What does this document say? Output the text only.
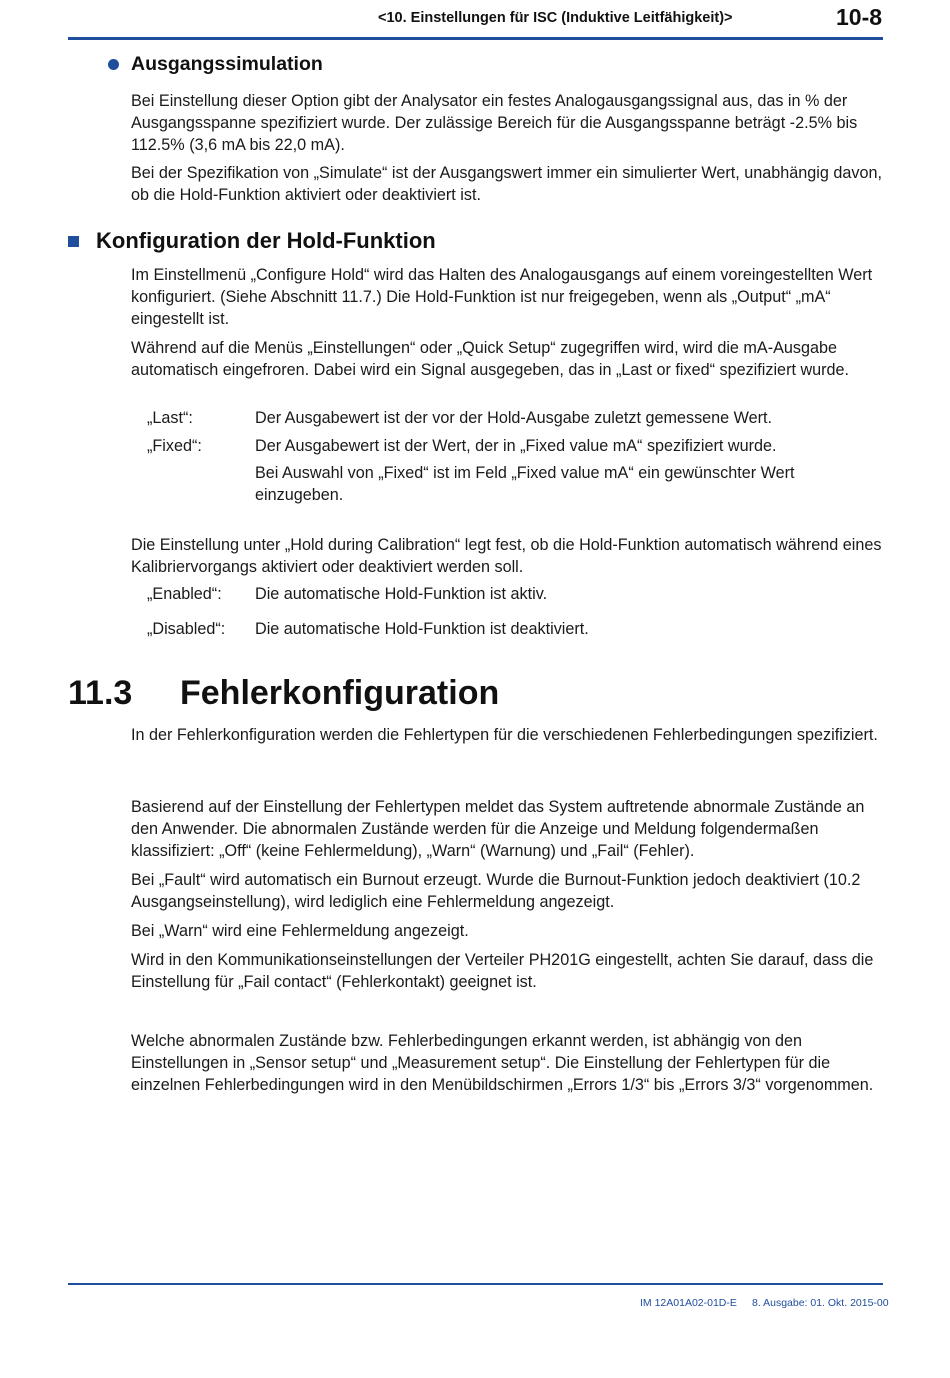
<10. Einstellungen für ISC (Induktive Leitfähigkeit)>	10-8
Ausgangssimulation

Bei Einstellung dieser Option gibt der Analysator ein festes Analogausgangssignal aus, das in % der Ausgangsspanne spezifiziert wurde. Der zulässige Bereich für die Ausgangsspanne beträgt -2.5% bis 112.5% (3,6 mA bis 22,0 mA).

Bei der Spezifikation von „Simulate“ ist der Ausgangswert immer ein simulierter Wert, unabhängig davon, ob die Hold-Funktion aktiviert oder deaktiviert ist.

Konfiguration der Hold-Funktion

Im Einstellmenü „Configure Hold“ wird das Halten des Analogausgangs auf einem voreingestellten Wert konfiguriert. (Siehe Abschnitt 11.7.) Die Hold-Funktion ist nur freigegeben, wenn als „Output“ „mA“ eingestellt ist.

Während auf die Menüs „Einstellungen“ oder „Quick Setup“ zugegriffen wird, wird die mA-Ausgabe automatisch eingefroren. Dabei wird ein Signal ausgegeben, das in „Last or fixed“ spezifiziert wurde.

„Last“:	Der Ausgabewert ist der vor der Hold-Ausgabe zuletzt gemessene Wert.
„Fixed“:	Der Ausgabewert ist der Wert, der in „Fixed value mA“ spezifiziert wurde.
Bei Auswahl von „Fixed“ ist im Feld „Fixed value mA“ ein gewünschter Wert einzugeben.

Die Einstellung unter „Hold during Calibration“ legt fest, ob die Hold-Funktion automatisch während eines Kalibriervorgangs aktiviert oder deaktiviert werden soll.

„Enabled“: Die automatische Hold-Funktion ist aktiv.
„Disabled“: Die automatische Hold-Funktion ist deaktiviert.
11.3	Fehlerkonfiguration

In der Fehlerkonfiguration werden die Fehlertypen für die verschiedenen Fehlerbedingungen spezifiziert.

Basierend auf der Einstellung der Fehlertypen meldet das System auftretende abnormale Zustände an den Anwender. Die abnormalen Zustände werden für die Anzeige und Meldung folgendermaßen klassifiziert: „Off“ (keine Fehlermeldung), „Warn“ (Warnung) und „Fail“ (Fehler).

Bei „Fault“ wird automatisch ein Burnout erzeugt. Wurde die Burnout-Funktion jedoch deaktiviert (10.2 Ausgangseinstellung), wird lediglich eine Fehlermeldung angezeigt.

Bei „Warn“ wird eine Fehlermeldung angezeigt.

Wird in den Kommunikationseinstellungen der Verteiler PH201G eingestellt, achten Sie darauf, dass die Einstellung für „Fail contact“ (Fehlerkontakt) geeignet ist.

Welche abnormalen Zustände bzw. Fehlerbedingungen erkannt werden, ist abhängig von den Einstellungen in „Sensor setup“ und „Measurement setup“. Die Einstellung der Fehlertypen für die einzelnen Fehlerbedingungen wird in den Menübildschirmen „Errors 1/3“ bis „Errors 3/3“ vorgenommen.

IM 12A01A02-01D-E 8. Ausgabe: 01. Okt. 2015-00
